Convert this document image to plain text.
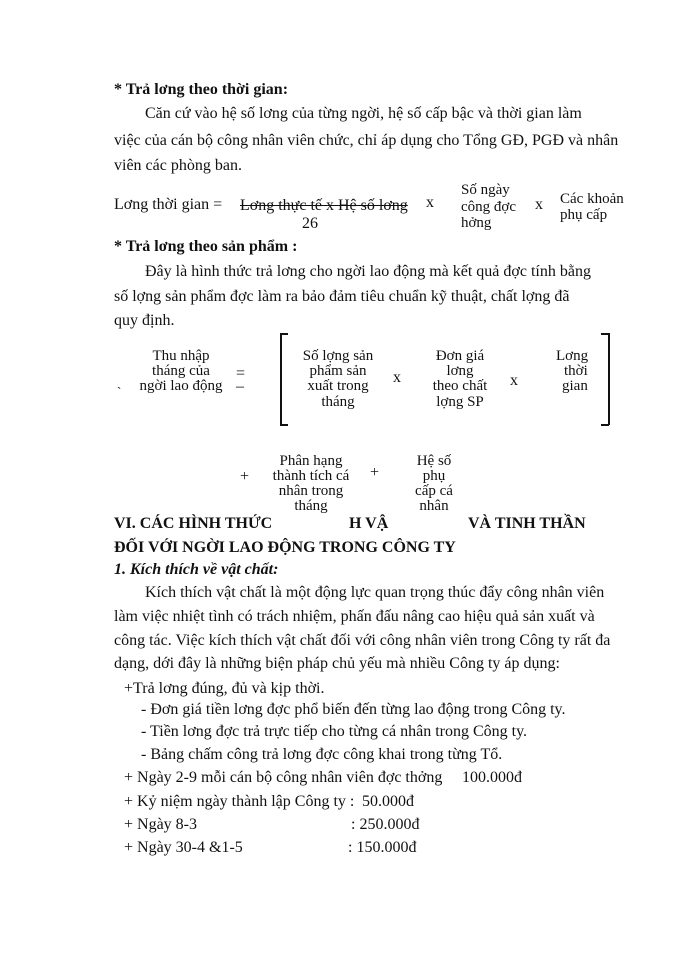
* Trả lơng theo thời gian:
Căn cứ vào hệ số lơng của từng ngời, hệ số cấp bậc và thời gian làm
việc của cán bộ công nhân viên chức, chỉ áp dụng cho Tổng GĐ, PGĐ và nhân
viên các phòng ban.
Lơng thời gian = Lơng thực tế x Hệ số lơng
26
x
Số ngày
công đợc
hởng
x Các khoản
phụ cấp
* Trả lơng theo sản phẩm :
Đây là hình thức trả lơng cho ngời lao động mà kết quả đợc tính bằng
số lợng sản phẩm đợc làm ra bảo đảm tiêu chuẩn kỹ thuật, chất lợng đã
quy định.
Thu nhập
tháng của
ngời lao động
`
=
–
Số lợng sản
phẩm sản
xuất trong
tháng
x
Đơn giá
lơng
theo chất
lợng SP
x
Lơng
thời
gian
+
Phân hạng
thành tích cá
nhân trong
tháng
+
Hệ số
phụ
cấp cá
nhân
VI. CÁC HÌNH THỨC	H VẬ	VÀ TINH THẦN
ĐỐI VỚI NGỜI LAO ĐỘNG TRONG CÔNG TY
1. Kích thích về vật chất:
Kích thích vật chất là một động lực quan trọng thúc đẩy công nhân viên
làm việc nhiệt tình có trách nhiệm, phấn đấu nâng cao hiệu quả sản xuất và
công tác. Việc kích thích vật chất đối với công nhân viên trong Công ty rất đa
dạng, dới đây là những biện pháp chủ yếu mà nhiều Công ty áp dụng:
+Trả lơng đúng, đủ và kịp thời.
- Đơn giá tiền lơng đợc phổ biến đến từng lao động trong Công ty.
- Tiền lơng đợc trả trực tiếp cho từng cá nhân trong Công ty.
- Bảng chấm công trả lơng đợc công khai trong từng Tổ.
+ Ngày 2-9 mỗi cán bộ công nhân viên đợc thởng 100.000đ
+ Kỷ niệm ngày thành lập Công ty : 50.000đ
+ Ngày 8-3	: 250.000đ
+ Ngày 30-4 &1-5	: 150.000đ
